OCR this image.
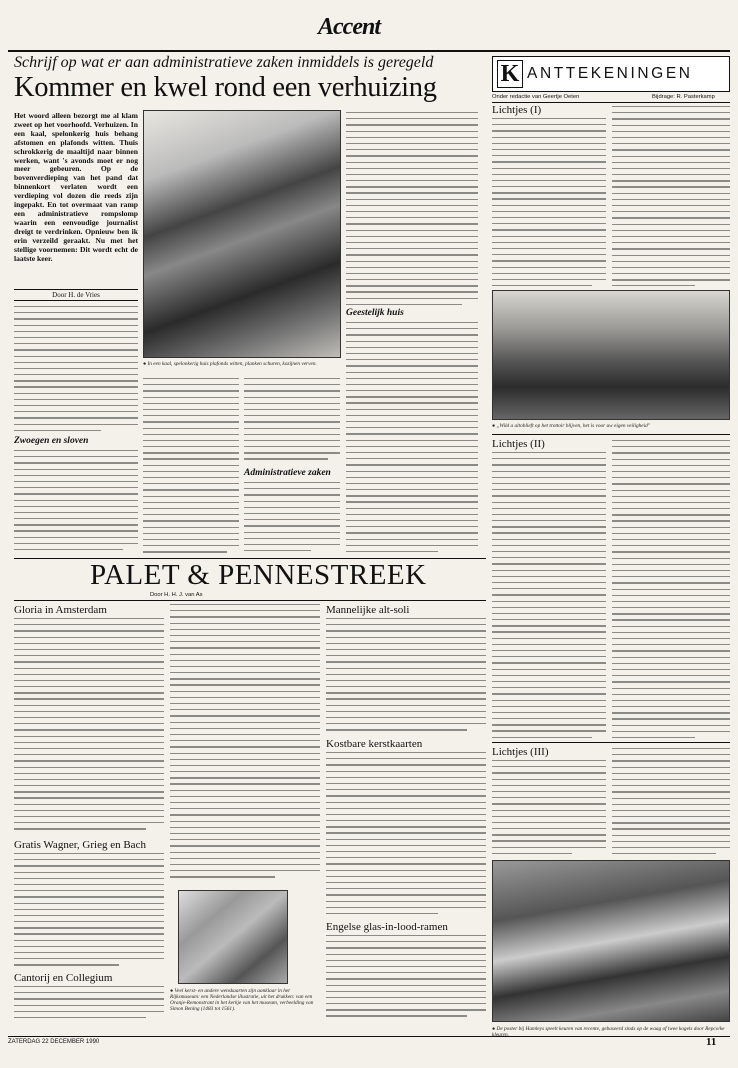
Accent
Schrijf op wat er aan administratieve zaken inmiddels is geregeld
Kommer en kwel rond een verhuizing
Het woord alleen bezorgt me al klam zweet op het voorhoofd. Verhuizen. In een kaal, spelonkerig huis behang afstomen en plafonds witten. Thuis schrokkerig de maaltijd naar binnen werken, want 's avonds moet er nog meer gebeuren. Op de bovenverdieping van het pand dat binnenkort verlaten wordt een verdieping vol dozen die reeds zijn ingepakt. En tot overmaat van ramp een administratieve rompslomp waarin een eenvoudige journalist dreigt te verdrinken. Opnieuw ben ik erin verzeild geraakt. Nu met het stellige voornemen: Dit wordt echt de laatste keer.
Door H. de Vries
Zwoegen en sloven
● In een kaal, spelonkerig huis plafonds witten, planken schuren, kozijnen verven.
Geestelijk huis
Administratieve zaken
K ANTTEKENINGEN
Onder redactie van Geertje Oeten	Bijdrage: R. Pasterkamp
Lichtjes (I)
● „Wild a altoblieft op het trottoir blijven, het is voor uw eigen veiligheid"
Lichtjes (II)
Lichtjes (III)
● De poster bij Hamleys speelt keuren van recente, gebaseerd sinds op de waag of twee kogels door Repco/ke kleuren.
PALET & PENNESTREEK
Door H. H. J. van As
Gloria in Amsterdam
Gratis Wagner, Grieg en Bach
Cantorij en Collegium
● Veel kerst- en andere wenskaarten zijn aanklaar in het Rijksmuseum: een Nederlandse illustratie, uit het drukken: van een Oranje-Remonstrant in het kerkje van het museum, verbeelding van Simon Bening (1483 tot 1561).
Mannelijke alt-soli
Kostbare kerstkaarten
Engelse glas-in-lood-ramen
ZATERDAG 22 DECEMBER 1990	11
